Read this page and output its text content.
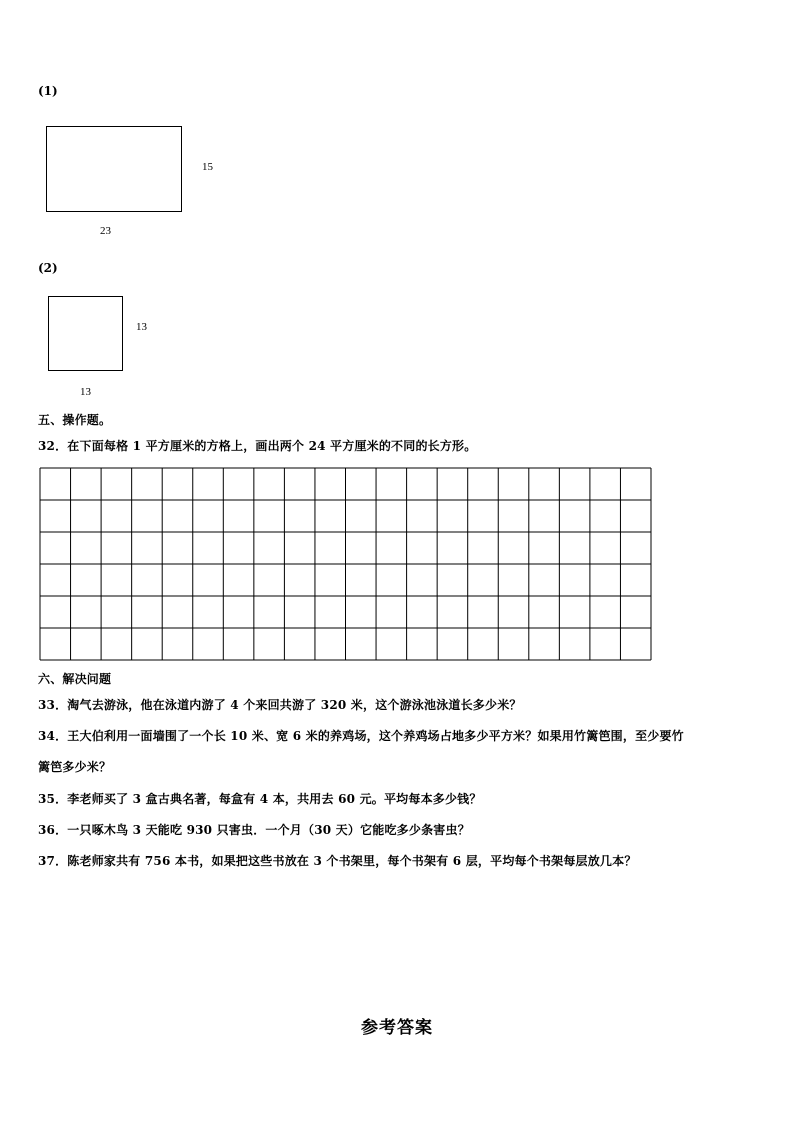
(1)
15
23
(2)
13
13
五、操作题。
32．在下面每格 1 平方厘米的方格上，画出两个 24 平方厘米的不同的长方形。
六、解决问题
33．淘气去游泳，他在泳道内游了 4 个来回共游了 320 米，这个游泳池泳道长多少米？
34．王大伯利用一面墙围了一个长 10 米、宽 6 米的养鸡场，这个养鸡场占地多少平方米？如果用竹篱笆围，至少要竹
篱笆多少米？
35．李老师买了 3 盒古典名著，每盒有 4 本，共用去 60 元。平均每本多少钱？
36．一只啄木鸟 3 天能吃 930 只害虫．一个月（30 天）它能吃多少条害虫？
37．陈老师家共有 756 本书，如果把这些书放在 3 个书架里，每个书架有 6 层，平均每个书架每层放几本？
参考答案
